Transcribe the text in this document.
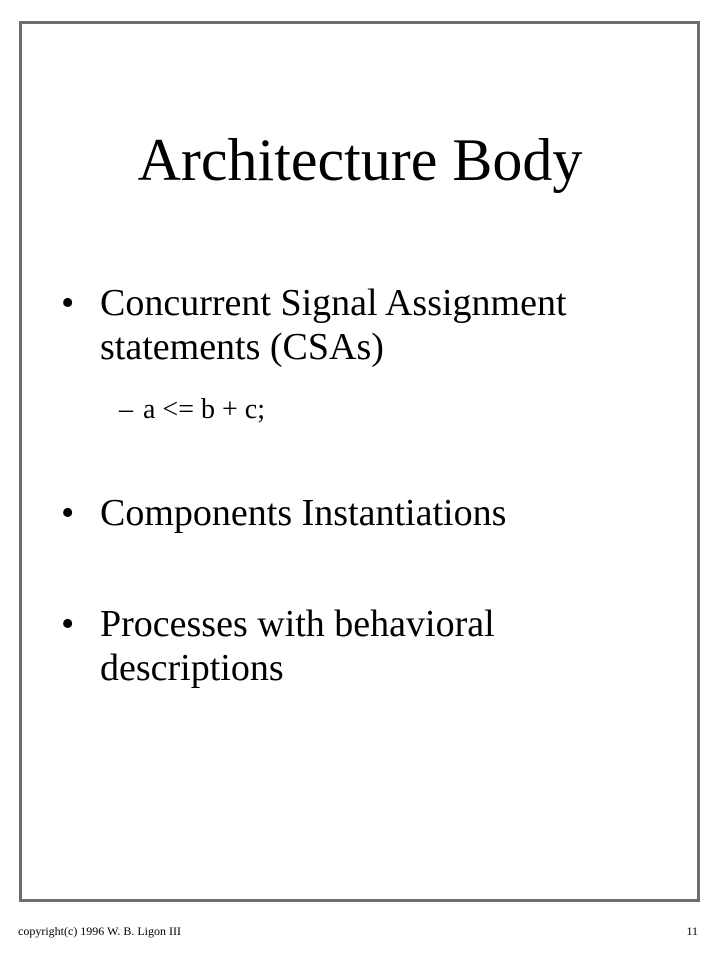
Architecture Body
• Concurrent Signal Assignment statements (CSAs)
– a <= b + c;
• Components Instantiations
• Processes with behavioral descriptions
copyright(c) 1996 W. B. Ligon III	11
